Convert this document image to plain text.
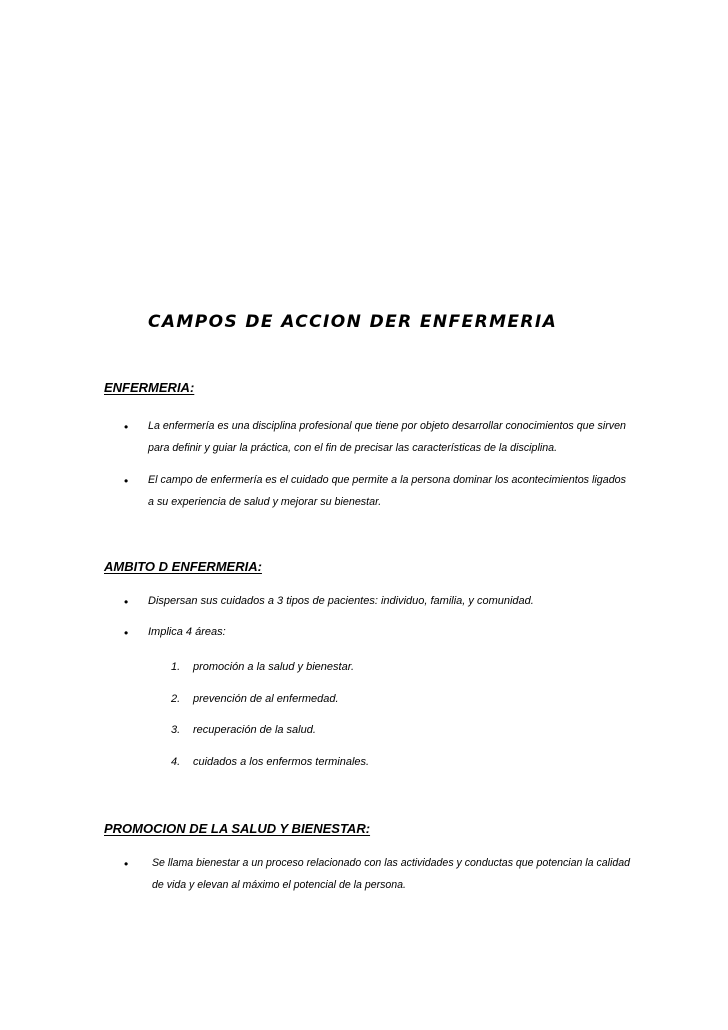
CAMPOS DE ACCION DER ENFERMERIA
ENFERMERIA:
• La enfermería es una disciplina profesional que tiene por objeto desarrollar conocimientos que sirven
para definir y guiar la práctica, con el fin de precisar las características de la disciplina.
• El campo de enfermería es el cuidado que permite a la persona dominar los acontecimientos ligados
a su experiencia de salud y mejorar su bienestar.
AMBITO D ENFERMERIA:
• Dispersan sus cuidados a 3 tipos de pacientes: individuo, familia, y comunidad.
• Implica 4 áreas:
1. promoción a la salud y bienestar.
2. prevención de al enfermedad.
3. recuperación de la salud.
4. cuidados a los enfermos terminales.
PROMOCION DE LA SALUD Y BIENESTAR:
• Se llama bienestar a un proceso relacionado con las actividades y conductas que potencian la calidad
de vida y elevan al máximo el potencial de la persona.
